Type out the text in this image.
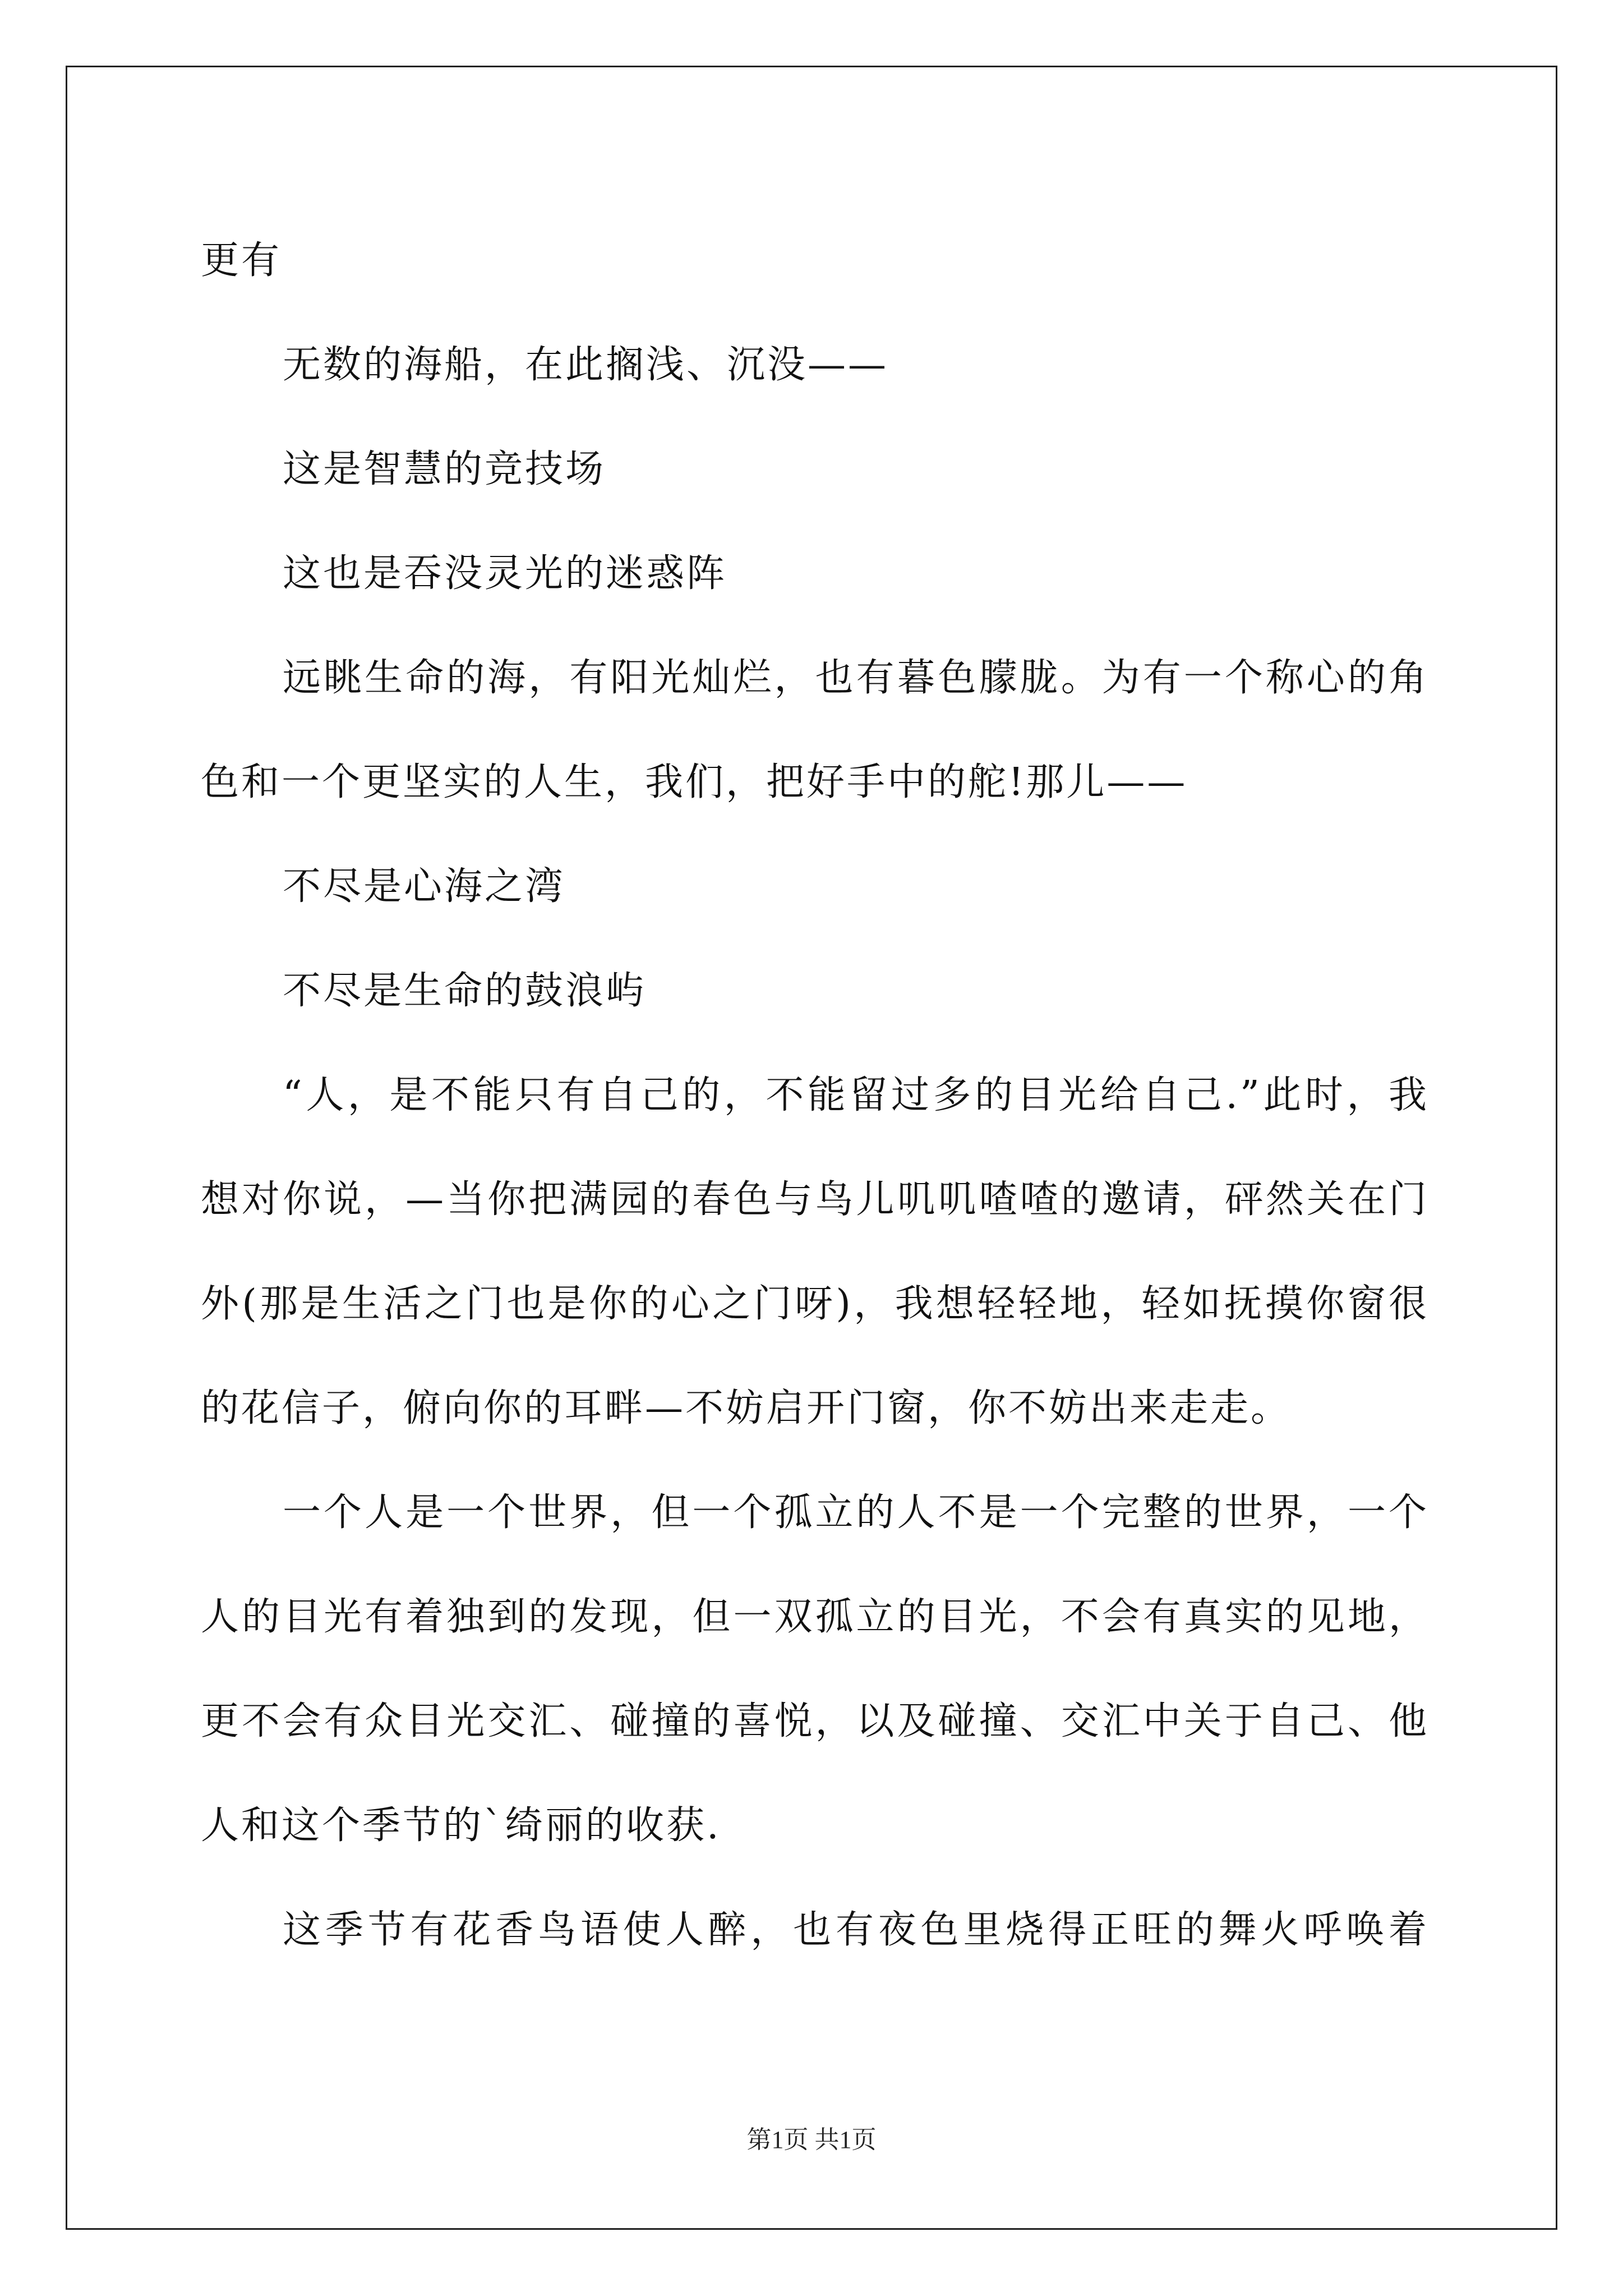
更有
无数的海船，在此搁浅、沉没——
这是智慧的竞技场
这也是吞没灵光的迷惑阵
远眺生命的海，有阳光灿烂，也有暮色朦胧。为有一个称心的角
色和一个更坚实的人生，我们，把好手中的舵!那儿——
不尽是心海之湾
不尽是生命的鼓浪屿
“人，是不能只有自己的，不能留过多的目光给自己.”此时，我
想对你说，—当你把满园的春色与鸟儿叽叽喳喳的邀请，砰然关在门
外(那是生活之门也是你的心之门呀)，我想轻轻地，轻如抚摸你窗很
的花信子，俯向你的耳畔—不妨启开门窗，你不妨出来走走。
一个人是一个世界，但一个孤立的人不是一个完整的世界，一个
人的目光有着独到的发现，但一双孤立的目光，不会有真实的见地，
更不会有众目光交汇、碰撞的喜悦，以及碰撞、交汇中关于自己、他
人和这个季节的`绮丽的收获.
这季节有花香鸟语使人醉，也有夜色里烧得正旺的舞火呼唤着
第1页 共1页
